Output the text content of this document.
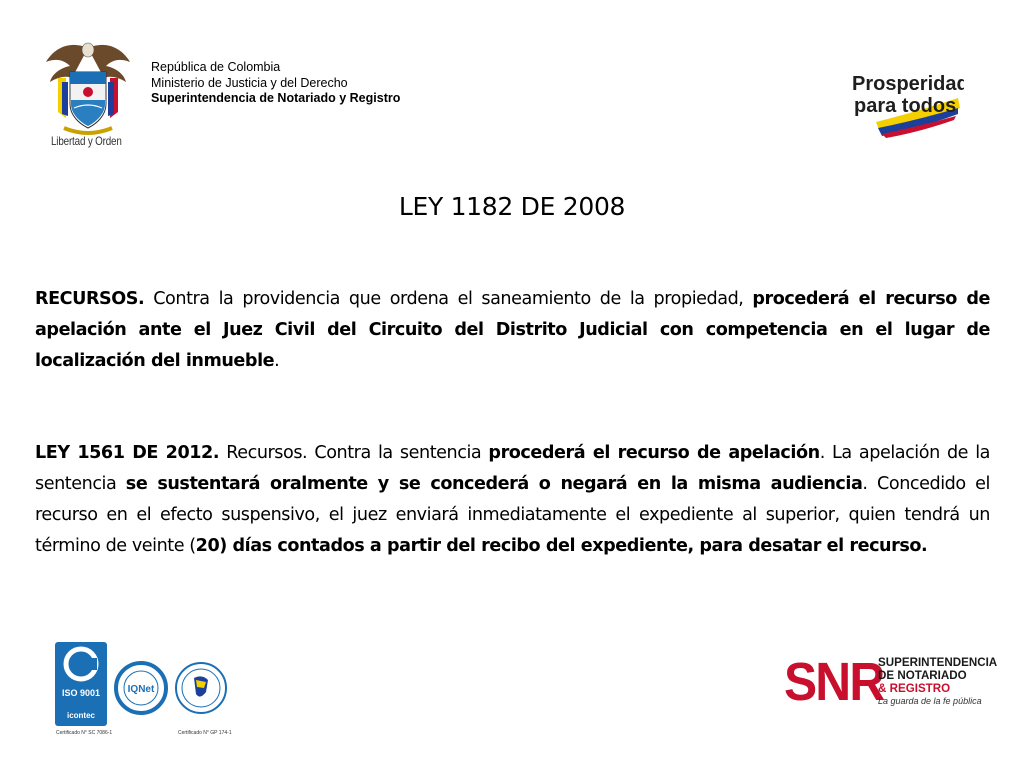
Libertad y Orden
República de Colombia
Ministerio de Justicia y del Derecho
Superintendencia de Notariado y Registro
Prosperidad
para todos
LEY 1182 DE 2008
RECURSOS. Contra la providencia que ordena el saneamiento de la propiedad, procederá el recurso de apelación ante el Juez Civil del Circuito del Distrito Judicial con competencia en el lugar de localización del inmueble.
LEY 1561 DE 2012. Recursos. Contra la sentencia procederá el recurso de apelación. La apelación de la sentencia se sustentará oralmente y se concederá o negará en la misma audiencia. Concedido el recurso en el efecto suspensivo, el juez enviará inmediatamente el expediente al superior, quien tendrá un término de veinte (20) días contados a partir del recibo del expediente, para desatar el recurso.
ISO 9001
icontec
Certificado N° SC 7086-1
IQNet
Certificado N° GP 174-1
SNR
SUPERINTENDENCIA
DE NOTARIADO
& REGISTRO
La guarda de la fe pública
